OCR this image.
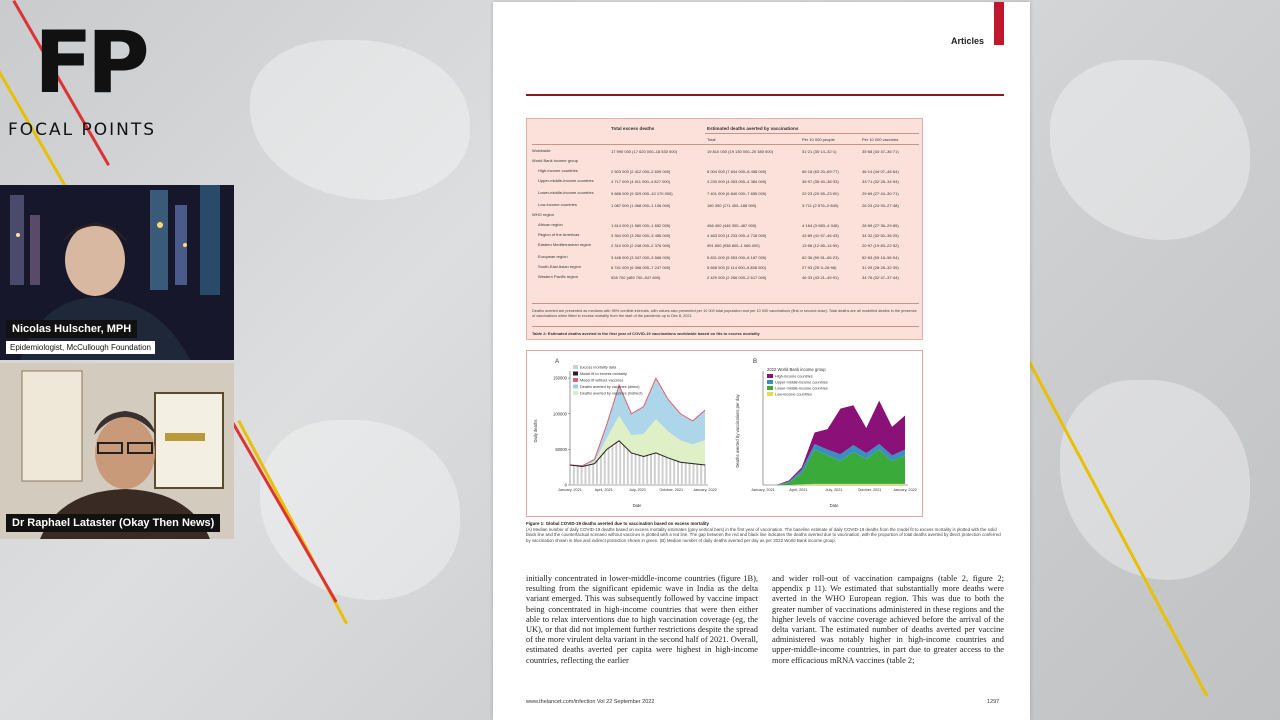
FP
FOCAL POINTS
Nicolas Hulscher, MPH
Epidemiologist, McCullough Foundation
Dr Raphael Lataster (Okay Then News)
Articles
Total excess deaths	Estimated deaths averted by vaccinations
Total	Per 10 000 people	Per 10 000 vaccines
Worldwide	17 990 000 (17 620 000–18 530 000)	19 810 000 (19 130 000–20 380 000)	31·21 (30·14–32·1)	35·68 (34·47–36·71)
World Bank income group
High-income countries	2 503 000 (2 412 000–2 609 000)	8 004 000 (7 644 000–8 458 000)	66·18 (63·20–69·77)	46·14 (44·07–48·64)
Upper-middle-income countries	4 717 000 (4 611 000–4 827 000)	4 230 000 (4 053 000–4 384 000)	36·97 (35·40–38·33)	33·71 (32·28–34·94)
Lower-middle-income countries	9 688 000 (9 329 000–10 170 000)	7 401 000 (6 840 000–7 655 000)	22·23 (20·55–23·00)	29·69 (27·44–30·71)
Low-income countries	1 087 000 (1 068 000–1 106 000)	180 300 (171 400–188 900)	3·711 (2·576–2·840)	26·23 (24·93–27·48)
WHO region
African region	1 614 000 (1 580 000–1 652 000)	466 400 (446 300–487 900)	4·164 (3·983–4·348)	28·59 (27·36–29·85)
Region of the Americas	3 354 000 (3 260 000–3 456 000)	4 463 000 (4 233 000–4 718 000)	43·89 (41·57–46·43)	34·32 (32·50–36·25)
Eastern Mediterranean region	2 310 000 (2 248 000–2 376 000)	991 800 (938 800–1 066 000)	13·58 (12·85–14·59)	20·97 (19·83–22·52)
European region	3 448 000 (3 347 000–3 568 000)	5 831 000 (5 553 000–6 187 000)	62·36 (59·51–66·23)	52·63 (50·18–56·04)
South-East Asian region	6 741 000 (6 398 000–7 247 000)	5 658 000 (5 114 000–5 858 000)	27·93 (25·3–28·98)	31·29 (28·28–32·39)
Western Pacific region	528 700 (489 700–547 800)	2 429 000 (2 266 000–2 617 000)	46·33 (43·21–49·91)	34·76 (32·47–37·44)
Deaths averted are presented as medians with 95% credible intervals, with values also presented per 10 000 total population and per 10 000 vaccinations (first or second dose). Total deaths are all modelled deaths in the presence of vaccinations when fitted to excess mortality from the start of the pandemic up to Dec 8, 2021.
Table 2: Estimated deaths averted in the first year of COVID-19 vaccinations worldwide based on fits to excess mortality
A
0
50000
100000
150000
January, 2021	April, 2021	July, 2021	October, 2021	January, 2022
Date
Daily deaths
Excess mortality data
Model fit to excess mortality
Model fit without vaccines
Deaths averted by vaccines (direct)
Deaths averted by vaccines (indirect)
B
January, 2021	April, 2021	July, 2021	October, 2021	January, 2022
Date
Deaths averted by vaccinations per day
2022 World Bank income group
High-income countries
Upper-middle-income countries
Lower-middle-income countries
Low-income countries
Figure 1: Global COVID-19 deaths averted due to vaccination based on excess mortality
(A) Median number of daily COVID-19 deaths based on excess mortality estimates (grey vertical bars) in the first year of vaccination. The baseline estimate of daily COVID-19 deaths from the model fit to excess mortality is plotted with the solid black line and the counterfactual scenario without vaccines is plotted with a red line. The gap between the red and black line indicates the deaths averted due to vaccination, with the proportion of total deaths averted by direct protection conferred by vaccination shown in blue and indirect protection shown in green. (B) Median number of daily deaths averted per day as per 2022 World Bank income group.
initially concentrated in lower-middle-income countries (figure 1B), resulting from the significant epidemic wave in India as the delta variant emerged. This was subsequently followed by vaccine impact being concentrated in high-income countries that were then either able to relax interventions due to high vaccination coverage (eg, the UK), or that did not implement further restrictions despite the spread of the more virulent delta variant in the second half of 2021. Overall, estimated deaths averted per capita were highest in high-income countries, reflecting the earlier
and wider roll-out of vaccination campaigns (table 2, figure 2; appendix p 11). We estimated that substantially more deaths were averted in the WHO European region. This was due to both the greater number of vaccinations administered in these regions and the higher levels of vaccine coverage achieved before the arrival of the delta variant. The estimated number of deaths averted per vaccine administered was notably higher in high-income countries and upper-middle-income countries, in part due to greater access to the more efficacious mRNA vaccines (table 2;
www.thelancet.com/infection Vol 22 September 2022	1297
